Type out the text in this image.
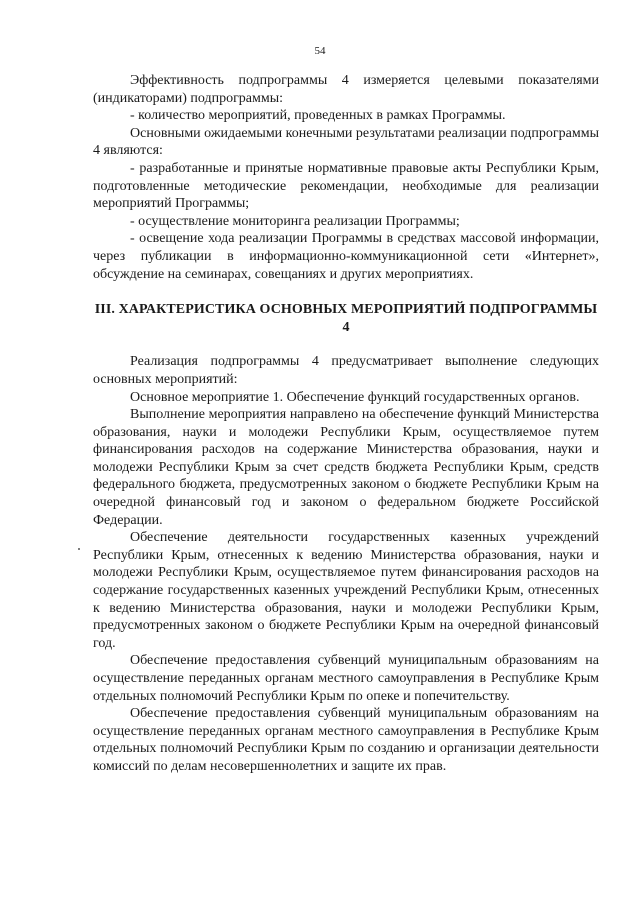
54

Эффективность подпрограммы 4 измеряется целевыми показателями (индикаторами) подпрограммы:

- количество мероприятий, проведенных в рамках Программы.

Основными ожидаемыми конечными результатами реализации подпрограммы 4 являются:

- разработанные и принятые нормативные правовые акты Республики Крым, подготовленные методические рекомендации, необходимые для реализации мероприятий Программы;

- осуществление мониторинга реализации Программы;

- освещение хода реализации Программы в средствах массовой информации, через публикации в информационно-коммуникационной сети «Интернет», обсуждение на семинарах, совещаниях и других мероприятиях.

III. ХАРАКТЕРИСТИКА ОСНОВНЫХ МЕРОПРИЯТИЙ ПОДПРОГРАММЫ 4

Реализация подпрограммы 4 предусматривает выполнение следующих основных мероприятий:

Основное мероприятие 1. Обеспечение функций государственных органов.

Выполнение мероприятия направлено на обеспечение функций Министерства образования, науки и молодежи Республики Крым, осуществляемое путем финансирования расходов на содержание Министерства образования, науки и молодежи Республики Крым за счет средств бюджета Республики Крым, средств федерального бюджета, предусмотренных законом о бюджете Республики Крым на очередной финансовый год и законом о федеральном бюджете Российской Федерации.

Обеспечение деятельности государственных казенных учреждений Республики Крым, отнесенных к ведению Министерства образования, науки и молодежи Республики Крым, осуществляемое путем финансирования расходов на содержание государственных казенных учреждений Республики Крым, отнесенных к ведению Министерства образования, науки и молодежи Республики Крым, предусмотренных законом о бюджете Республики Крым на очередной финансовый год.

Обеспечение предоставления субвенций муниципальным образованиям на осуществление переданных органам местного самоуправления в Республике Крым отдельных полномочий Республики Крым по опеке и попечительству.

Обеспечение предоставления субвенций муниципальным образованиям на осуществление переданных органам местного самоуправления в Республике Крым отдельных полномочий Республики Крым по созданию и организации деятельности комиссий по делам несовершеннолетних и защите их прав.
